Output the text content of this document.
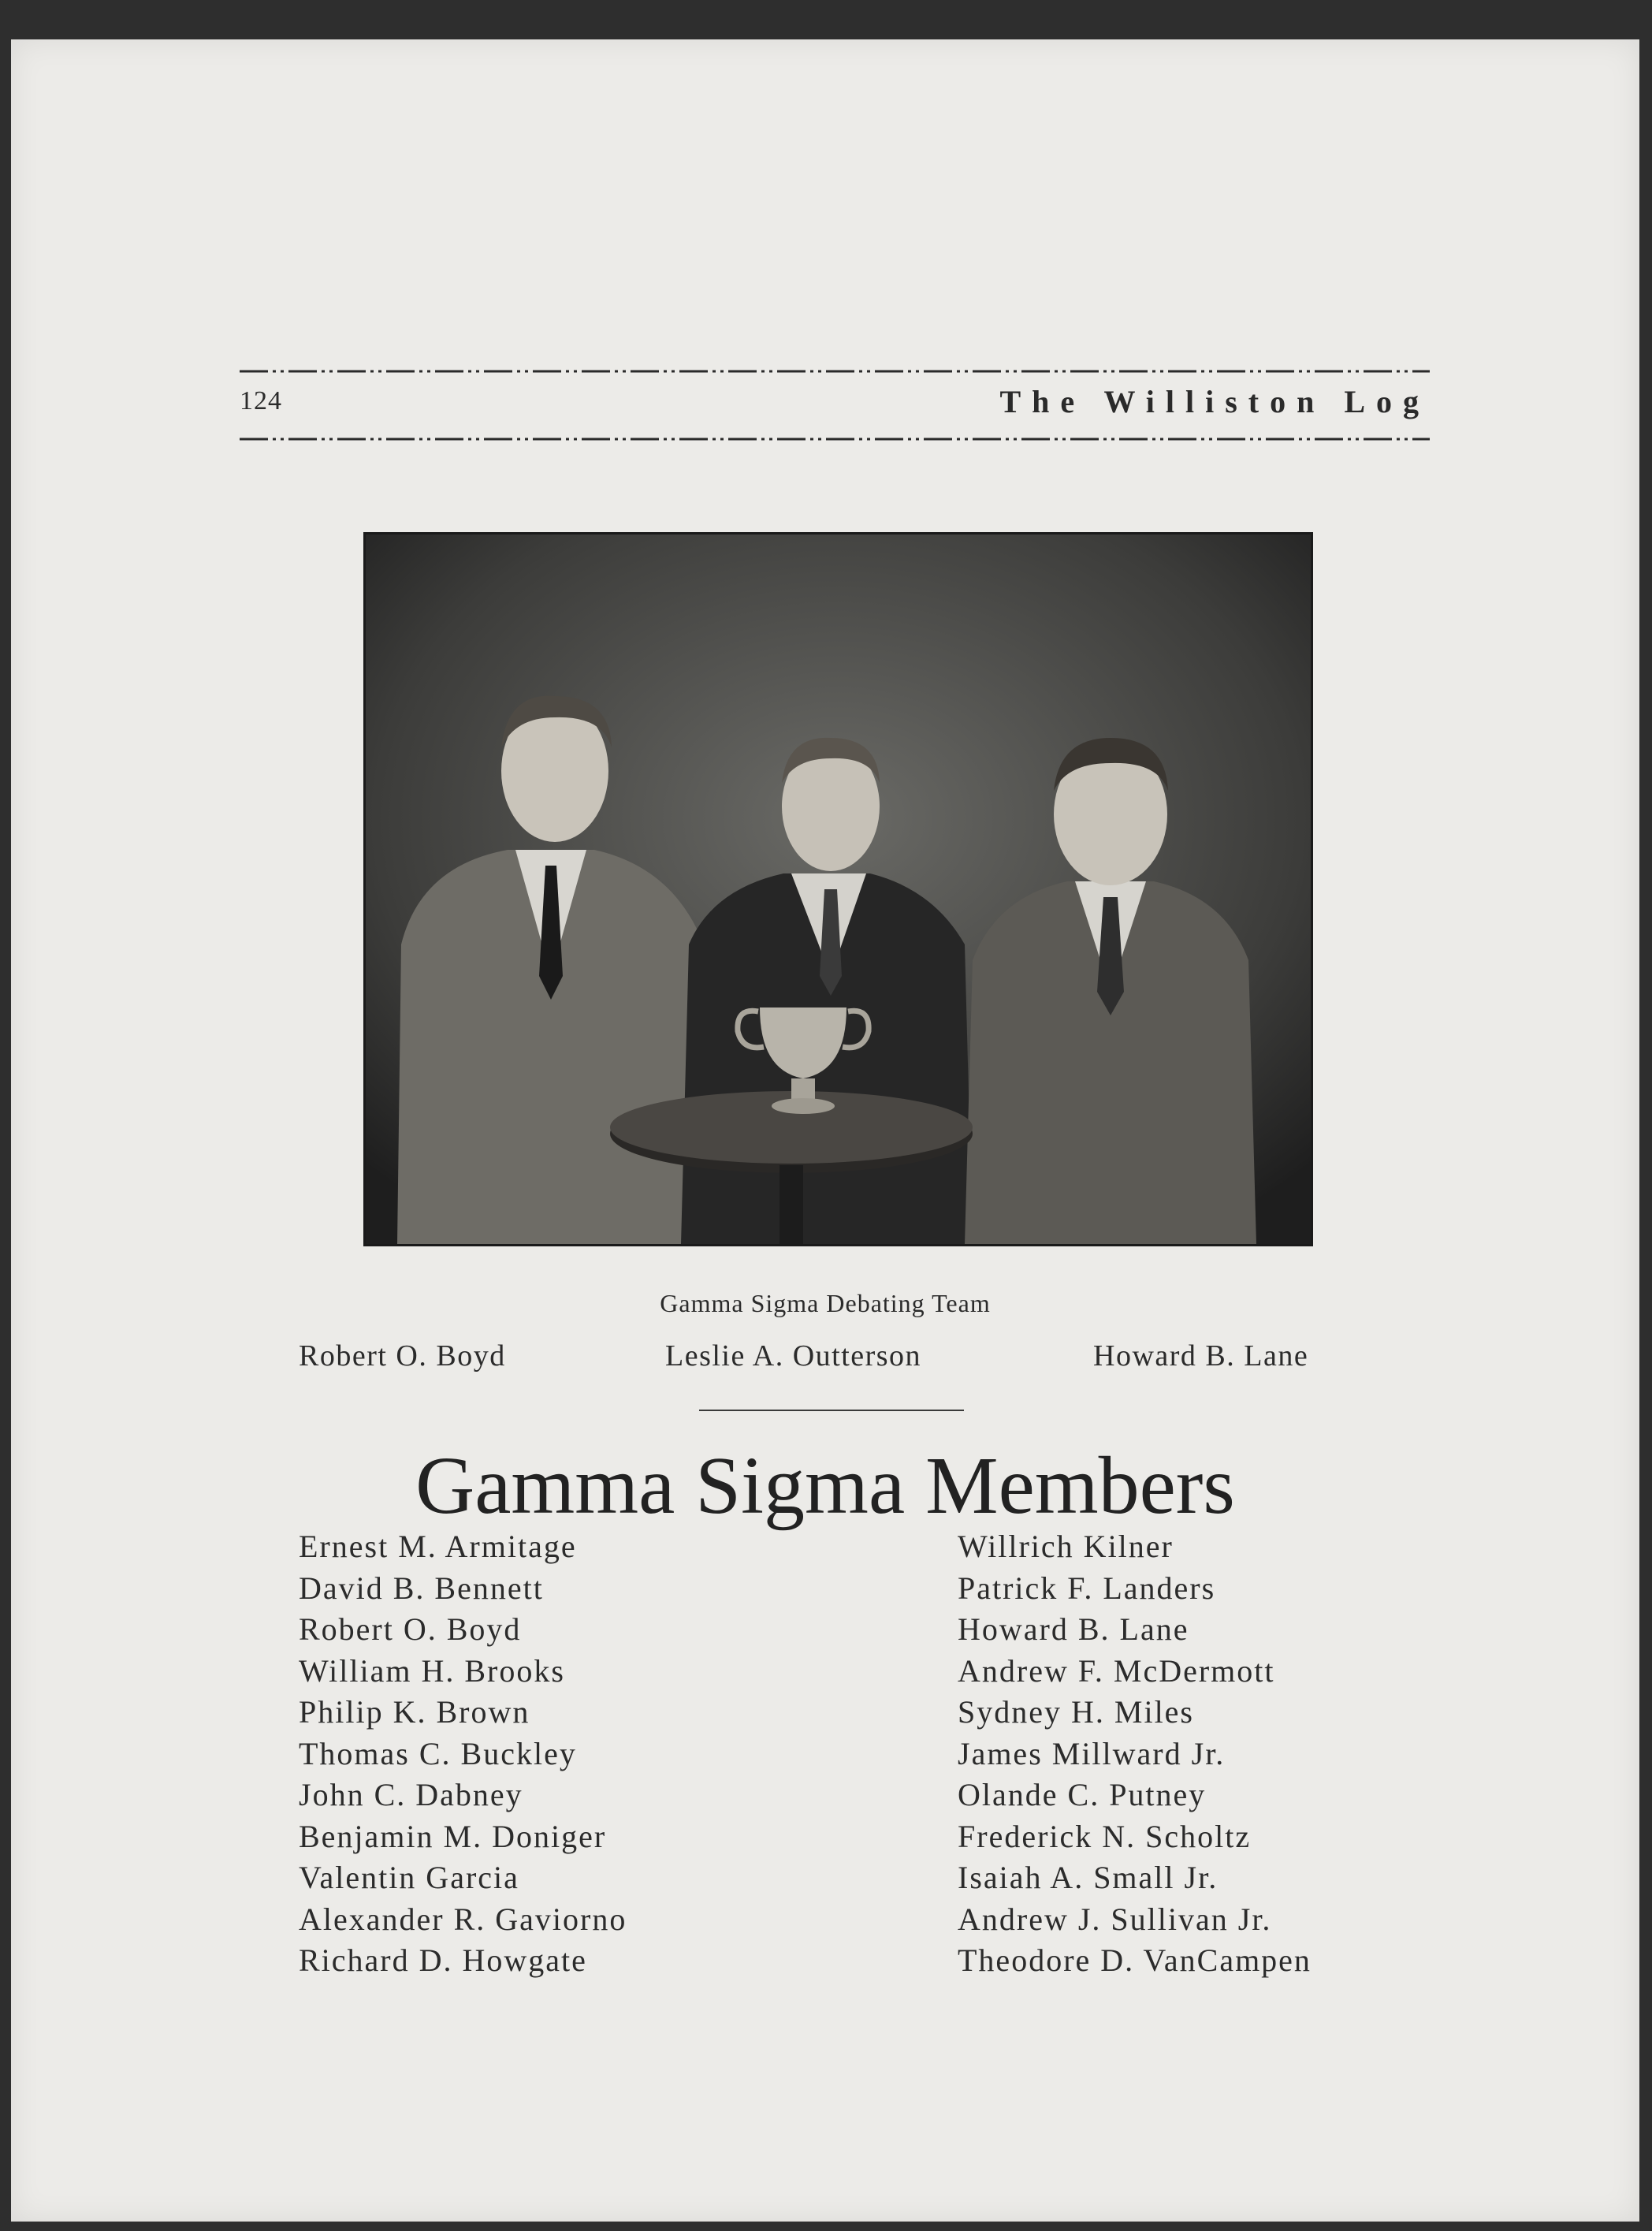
124	The Williston Log
Gamma Sigma Debating Team
Robert O. Boyd	Leslie A. Outterson	Howard B. Lane
Gamma Sigma Members
Ernest M. Armitage
David B. Bennett
Robert O. Boyd
William H. Brooks
Philip K. Brown
Thomas C. Buckley
John C. Dabney
Benjamin M. Doniger
Valentin Garcia
Alexander R. Gaviorno
Richard D. Howgate
Willrich Kilner
Patrick F. Landers
Howard B. Lane
Andrew F. McDermott
Sydney H. Miles
James Millward Jr.
Olande C. Putney
Frederick N. Scholtz
Isaiah A. Small Jr.
Andrew J. Sullivan Jr.
Theodore D. VanCampen
